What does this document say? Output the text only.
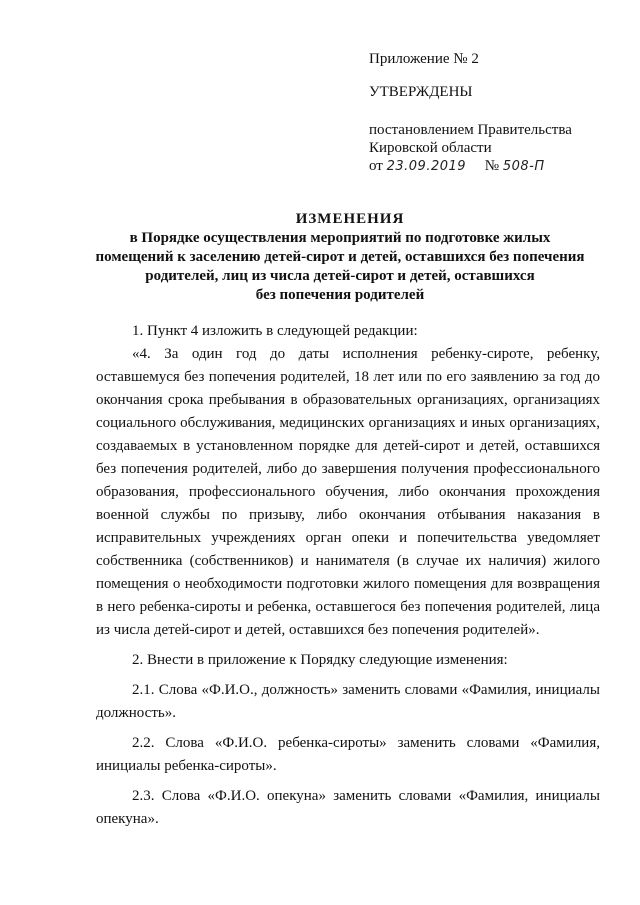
Приложение № 2

УТВЕРЖДЕНЫ

постановлением Правительства

Кировской области

от 23.09.2019 № 508-П

ИЗМЕНЕНИЯ

в Порядке осуществления мероприятий по подготовке жилых

помещений к заселению детей-сирот и детей, оставшихся без попечения

родителей, лиц из числа детей-сирот и детей, оставшихся

без попечения родителей

1. Пункт 4 изложить в следующей редакции:

«4. За один год до даты исполнения ребенку-сироте, ребенку, оставшемуся без попечения родителей, 18 лет или по его заявлению за год до окончания срока пребывания в образовательных организациях, организациях социального обслуживания, медицинских организациях и иных организациях, создаваемых в установленном порядке для детей-сирот и детей, оставшихся без попечения родителей, либо до завершения получения профессионального образования, профессионального обучения, либо окончания прохождения военной службы по призыву, либо окончания отбывания наказания в исправительных учреждениях орган опеки и попечительства уведомляет собственника (собственников) и нанимателя (в случае их наличия) жилого помещения о необходимости подготовки жилого помещения для возвращения в него ребенка-сироты и ребенка, оставшегося без попечения родителей, лица из числа детей-сирот и детей, оставшихся без попечения родителей».

2. Внести в приложение к Порядку следующие изменения:

2.1. Слова «Ф.И.О., должность» заменить словами «Фамилия, инициалы должность».

2.2. Слова «Ф.И.О. ребенка-сироты» заменить словами «Фамилия, инициалы ребенка-сироты».

2.3. Слова «Ф.И.О. опекуна» заменить словами «Фамилия, инициалы опекуна».
